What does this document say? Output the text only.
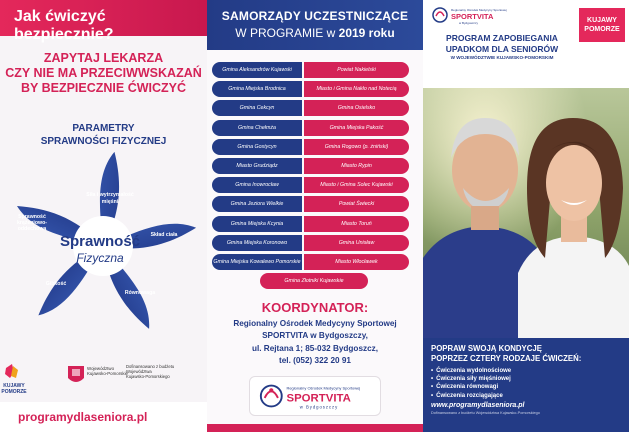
Jak ćwiczyć bezpiecznie?
ZAPYTAJ LEKARZA
CZY NIE MA PRZECIWWSKAZAŃ
BY BEZPIECZNIE ĆWICZYĆ
PARAMETRY
SPRAWNOŚCI FIZYCZNEJ
Siła i wytrzymałość
mięśni
Skład ciała
Równowaga
Gibkość
Sprawność
krążeniowo-
oddechowa
Sprawność
Fizyczna
KUJAWY
POMORZE
Województwo
Kujawsko-Pomorskie
Dofinansowano z budżetu
Województwa
Kujawsko-Pomorskiego
programydlaseniora.pl
SAMORZĄDY UCZESTNICZĄCE
W PROGRAMIE w 2019 roku
Gmina Aleksandrów Kujawski	Powiat Nakielski
Gmina Miejska Brodnica	Miasto i Gmina Nakło nad Notecią
Gmina Cekcyn	Gmina Osielsko
Gmina Chełmża	Gmina Miejska Pakość
Gmina Gostycyn	Gmina Rogowo (p. żniński)
Miasto Grudziądz	Miasto Rypin
Gmina Inowrocław	Miasto i Gmina Solec Kujawski
Gmina Jeziora Wielkie	Powiat Świecki
Gmina Miejska Kcynia	Miasto Toruń
Gmina Miejska Koronowo	Gmina Unisław
Gmina Miejska Kowalewo Pomorskie	Miasto Włocławek
Gmina Złotniki Kujawskie
KOORDYNATOR:
Regionalny Ośrodek Medycyny Sportowej
SPORTVITA w Bydgoszczy,
ul. Rejtana 1; 85-032 Bydgoszcz,
tel. (052) 322 20 91
Regionalny Ośrodek Medycyny Sportowej
SPORTVITA
w Bydgoszczy
Regionalny Ośrodek Medycyny Sportowej
SPORTVITA
w Bydgoszczy	KUJAWY
POMORZE
PROGRAM ZAPOBIEGANIA
UPADKOM DLA SENIORÓW
W WOJEWÓDZTWIE KUJAWSKO-POMORSKIM
POPRAW SWOJĄ KONDYCJĘ
POPRZEZ CZTERY RODZAJE ĆWICZEŃ:
• Ćwiczenia wydolnościowe
• Ćwiczenia siły mięśniowej
• Ćwiczenia równowagi
• Ćwiczenia rozciągające
www.programydlaseniora.pl
Dofinansowano z budżetu Województwa Kujawsko-Pomorskiego
